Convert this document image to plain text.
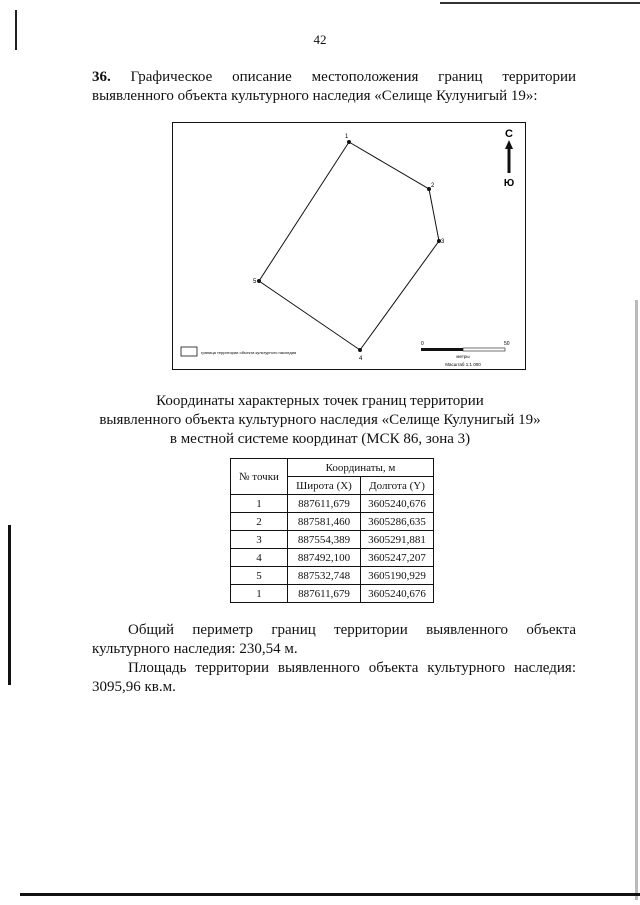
42
36. Графическое описание местоположения границ территории выявленного объекта культурного наследия «Селище Кулунигый 19»:
1
2
3
4
5
С
Ю
граница территории объекта культурного наследия
0	50
метры
Масштаб 1:1 000
Координаты характерных точек границ территории
выявленного объекта культурного наследия «Селище Кулунигый 19»
в местной системе координат (МСК 86, зона 3)
№ точки	Координаты, м	
	Широта (X)	Долгота (Y)
1	887611,679	3605240,676
2	887581,460	3605286,635
3	887554,389	3605291,881
4	887492,100	3605247,207
5	887532,748	3605190,929
1	887611,679	3605240,676

Общий периметр границ территории выявленного объекта культурного наследия: 230,54 м.

Площадь территории выявленного объекта культурного наследия: 3095,96 кв.м.
